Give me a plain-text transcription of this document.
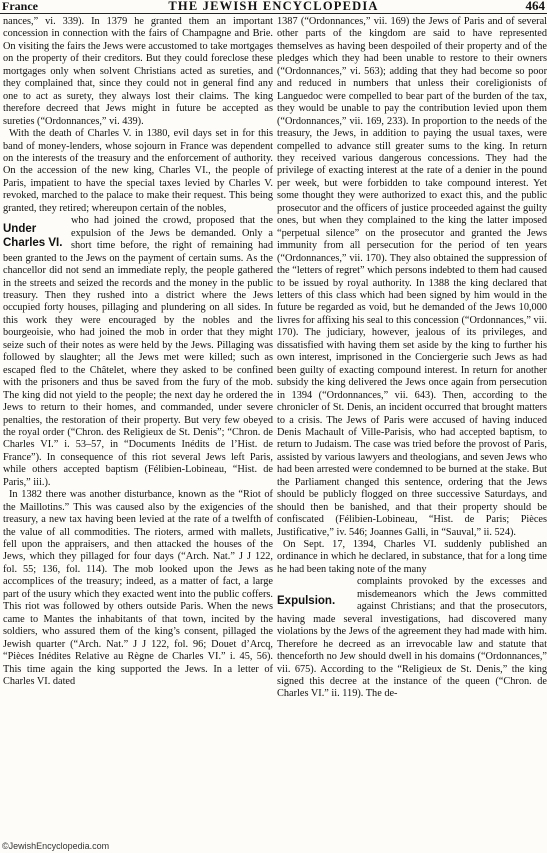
THE JEWISH ENCYCLOPEDIA
France	464

nances,” vi. 339). In 1379 he granted them an important concession in connection with the fairs of Champagne and Brie. On visiting the fairs the Jews were accustomed to take mortgages on the property of their creditors. But they could foreclose these mortgages only when solvent Christians acted as sureties, and they complained that, since they could not in general find any one to act as surety, they always lost their claims. The king therefore decreed that Jews might in future be accepted as sureties (“Ordonnances,” vi. 439).

With the death of Charles V. in 1380, evil days set in for this band of money-lenders, whose sojourn in France was dependent on the interests of the treasury and the enforcement of authority. On the accession of the new king, Charles VI., the people of Paris, impatient to have the special taxes levied by Charles V. revoked, marched to the palace to make their request. This being granted, they retired; whereupon certain of the nobles,

Under Charles VI.

who had joined the crowd, proposed that the expulsion of the Jews be demanded. Only a short time before, the right of remaining had been granted to the Jews on the payment of certain sums. As the chancellor did not send an immediate reply, the people gathered in the streets and seized the records and the money in the public treasury. Then they rushed into a district where the Jews occupied forty houses, pillaging and plundering on all sides. In this work they were encouraged by the nobles and the bourgeoisie, who had joined the mob in order that they might seize such of their notes as were held by the Jews. Pillaging was followed by slaughter; all the Jews met were killed; such as escaped fled to the Châtelet, where they asked to be confined with the prisoners and thus be saved from the fury of the mob. The king did not yield to the people; the next day he ordered the Jews to return to their homes, and commanded, under severe penalties, the restoration of their property. But very few obeyed the royal order (“Chron. des Religieux de St. Denis”; “Chron. de Charles VI.” i. 53–57, in “Documents Inédits de l’Hist. de France”). In consequence of this riot several Jews left Paris, while others accepted baptism (Félibien-Lobineau, “Hist. de Paris,” iii.).

In 1382 there was another disturbance, known as the “Riot of the Maillotins.” This was caused also by the exigencies of the treasury, a new tax having been levied at the rate of a twelfth of the value of all commodities. The rioters, armed with mallets, fell upon the appraisers, and then attacked the houses of the Jews, which they pillaged for four days (“Arch. Nat.” J J 122, fol. 55; 136, fol. 114). The mob looked upon the Jews as accomplices of the treasury; indeed, as a matter of fact, a large part of the usury which they exacted went into the public coffers. This riot was followed by others outside Paris. When the news came to Mantes the inhabitants of that town, incited by the soldiers, who assured them of the king’s consent, pillaged the Jewish quarter (“Arch. Nat.” J J 122, fol. 96; Douet d’Arcq, “Pièces Inédites Relative au Règne de Charles VI.” i. 45, 56). This time again the king supported the Jews. In a letter of Charles VI. dated

1387 (“Ordonnances,” vii. 169) the Jews of Paris and of several other parts of the kingdom are said to have represented themselves as having been despoiled of their property and of the pledges which they had been unable to restore to their owners (“Ordonnances,” vi. 563); adding that they had become so poor and reduced in numbers that unless their coreligionists of Languedoc were compelled to bear part of the burden of the tax, they would be unable to pay the contribution levied upon them (“Ordonnances,” vii. 169, 233). In proportion to the needs of the treasury, the Jews, in addition to paying the usual taxes, were compelled to advance still greater sums to the king. In return they received various dangerous concessions. They had the privilege of exacting interest at the rate of a denier in the pound per week, but were forbidden to take compound interest. Yet some thought they were authorized to exact this, and the public prosecutor and the officers of justice proceeded against the guilty ones, but when they complained to the king the latter imposed “perpetual silence” on the prosecutor and granted the Jews immunity from all persecution for the period of ten years (“Ordonnances,” vii. 170). They also obtained the suppression of the “letters of regret” which persons indebted to them had caused to be issued by royal authority. In 1388 the king declared that letters of this class which had been signed by him would in the future be regarded as void, but he demanded of the Jews 10,000 livres for affixing his seal to this concession (“Ordonnances,” vii. 170). The judiciary, however, jealous of its privileges, and dissatisfied with having them set aside by the king to further his own interest, imprisoned in the Conciergerie such Jews as had been guilty of exacting compound interest. In return for another subsidy the king delivered the Jews once again from persecution in 1394 (“Ordonnances,” vii. 643). Then, according to the chronicler of St. Denis, an incident occurred that brought matters to a crisis. The Jews of Paris were accused of having induced Denis Machault of Ville-Parisis, who had accepted baptism, to return to Judaism. The case was tried before the provost of Paris, assisted by various lawyers and theologians, and seven Jews who had been arrested were condemned to be burned at the stake. But the Parliament changed this sentence, ordering that the Jews should be publicly flogged on three successive Saturdays, and should then be banished, and that their property should be confiscated (Félibien-Lobineau, “Hist. de Paris; Pièces Justificative,” iv. 546; Joannes Galli, in “Sauval,” ii. 524).

On Sept. 17, 1394, Charles VI. suddenly published an ordinance in which he declared, in substance, that for a long time he had been taking note of the many

Expulsion.

complaints provoked by the excesses and misdemeanors which the Jews committed against Christians; and that the prosecutors, having made several investigations, had discovered many violations by the Jews of the agreement they had made with him. Therefore he decreed as an irrevocable law and statute that thenceforth no Jew should dwell in his domains (“Ordonnances,” vii. 675). According to the “Religieux de St. Denis,” the king signed this decree at the instance of the queen (“Chron. de Charles VI.” ii. 119). The de-

©JewishEncyclopedia.com
